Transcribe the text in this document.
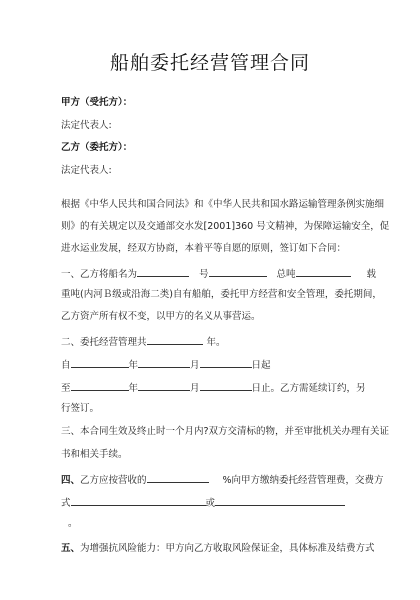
船舶委托经营管理合同
甲方（受托方）：
法定代表人:
乙方（委托方）：
法定代表人:
根据《中华人民共和国合同法》和《中华人民共和国水路运输管理条例实施细
则》的有关规定以及交通部交水发[2001]360 号文精神，为保障运输安全，促
进水运业发展，经双方协商，本着平等自愿的原则，签订如下合同：
一、乙方将船名为	号	总吨	载
重吨(内河Ｂ级或沿海二类)自有船舶，委托甲方经营和安全管理，委托期间，
乙方资产所有权不变，以甲方的名义从事营运。
二、委托经营管理共	年。
自	年	月	日起
至	年	月	日止。乙方需延续订约，另
行签订。
三、本合同生效及终止时一个月内?双方交清标的物，并至审批机关办理有关证
书和相关手续。
四、乙方应按营收的	%向甲方缴纳委托经营管理费，交费方
式	或
。
五、为增强抗风险能力：甲方向乙方收取风险保证金，具体标准及结费方式
